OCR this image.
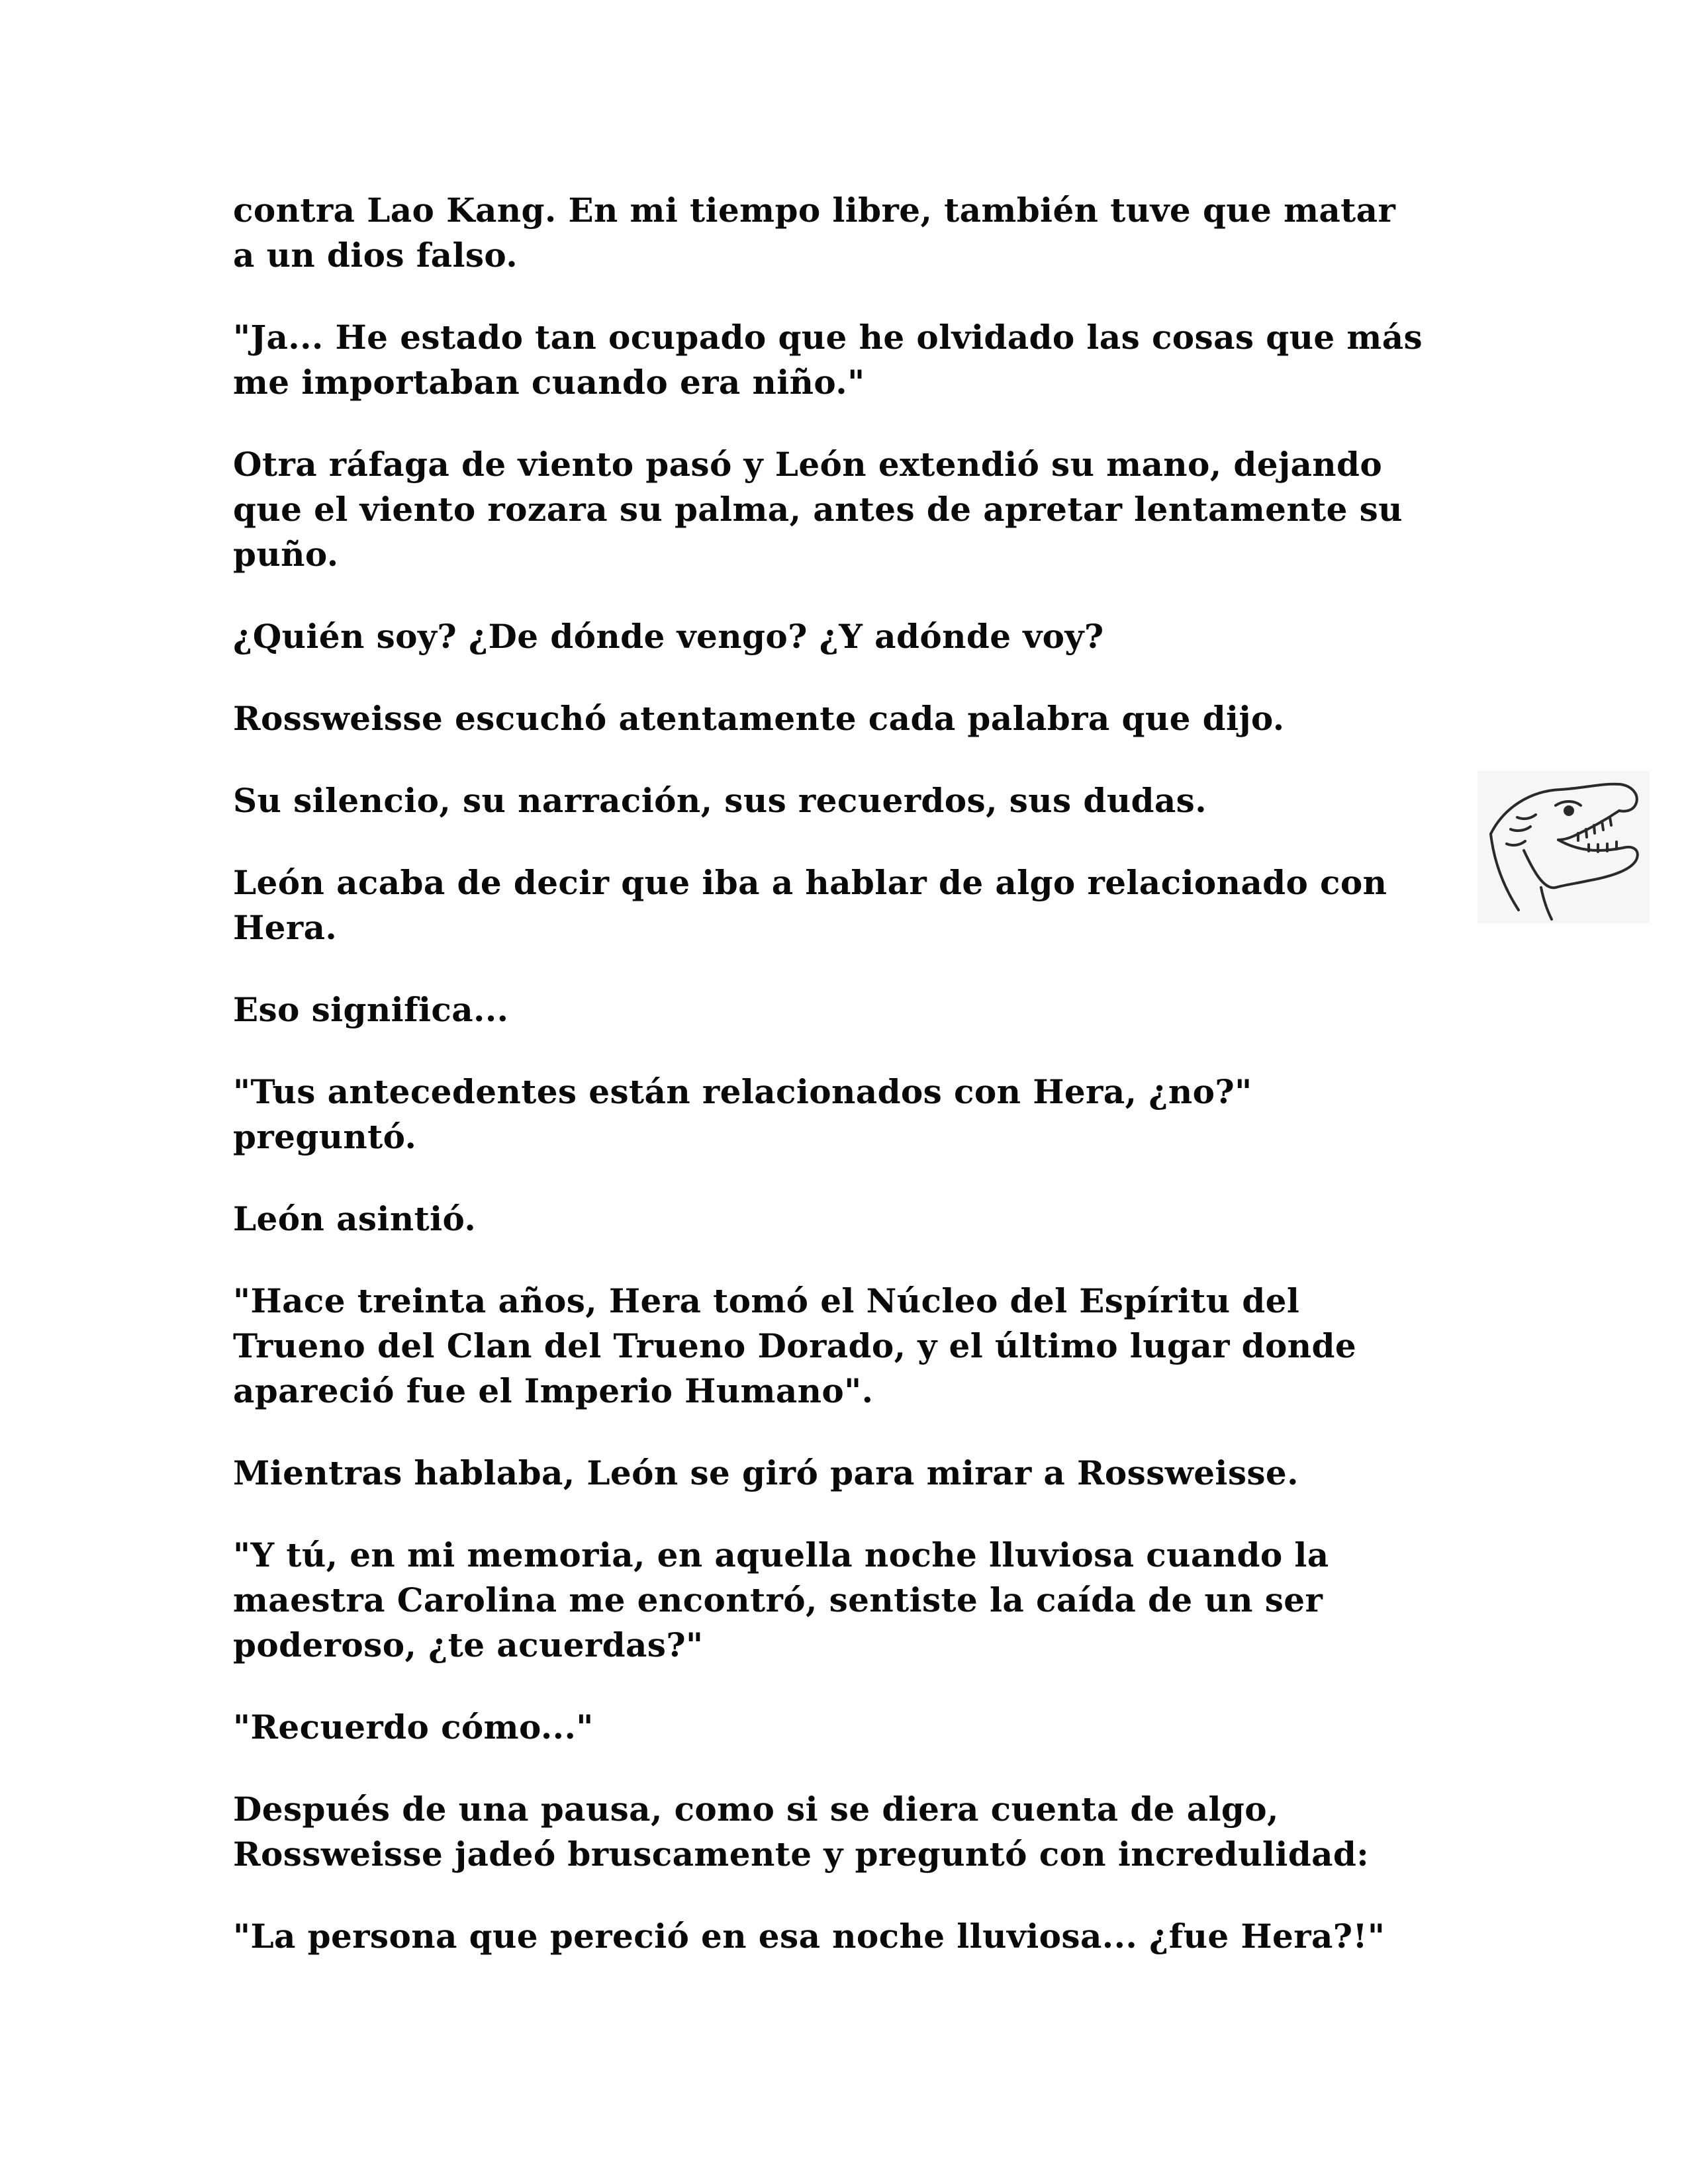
contra Lao Kang. En mi tiempo libre, también tuve que matar
a un dios falso.

"Ja... He estado tan ocupado que he olvidado las cosas que más
me importaban cuando era niño."

Otra ráfaga de viento pasó y León extendió su mano, dejando
que el viento rozara su palma, antes de apretar lentamente su
puño.

¿Quién soy? ¿De dónde vengo? ¿Y adónde voy?

Rossweisse escuchó atentamente cada palabra que dijo.

Su silencio, su narración, sus recuerdos, sus dudas.

León acaba de decir que iba a hablar de algo relacionado con
Hera.

Eso significa...

"Tus antecedentes están relacionados con Hera, ¿no?"
preguntó.

León asintió.

"Hace treinta años, Hera tomó el Núcleo del Espíritu del
Trueno del Clan del Trueno Dorado, y el último lugar donde
apareció fue el Imperio Humano".

Mientras hablaba, León se giró para mirar a Rossweisse.

"Y tú, en mi memoria, en aquella noche lluviosa cuando la
maestra Carolina me encontró, sentiste la caída de un ser
poderoso, ¿te acuerdas?"

"Recuerdo cómo..."

Después de una pausa, como si se diera cuenta de algo,
Rossweisse jadeó bruscamente y preguntó con incredulidad:

"La persona que pereció en esa noche lluviosa... ¿fue Hera?!"
